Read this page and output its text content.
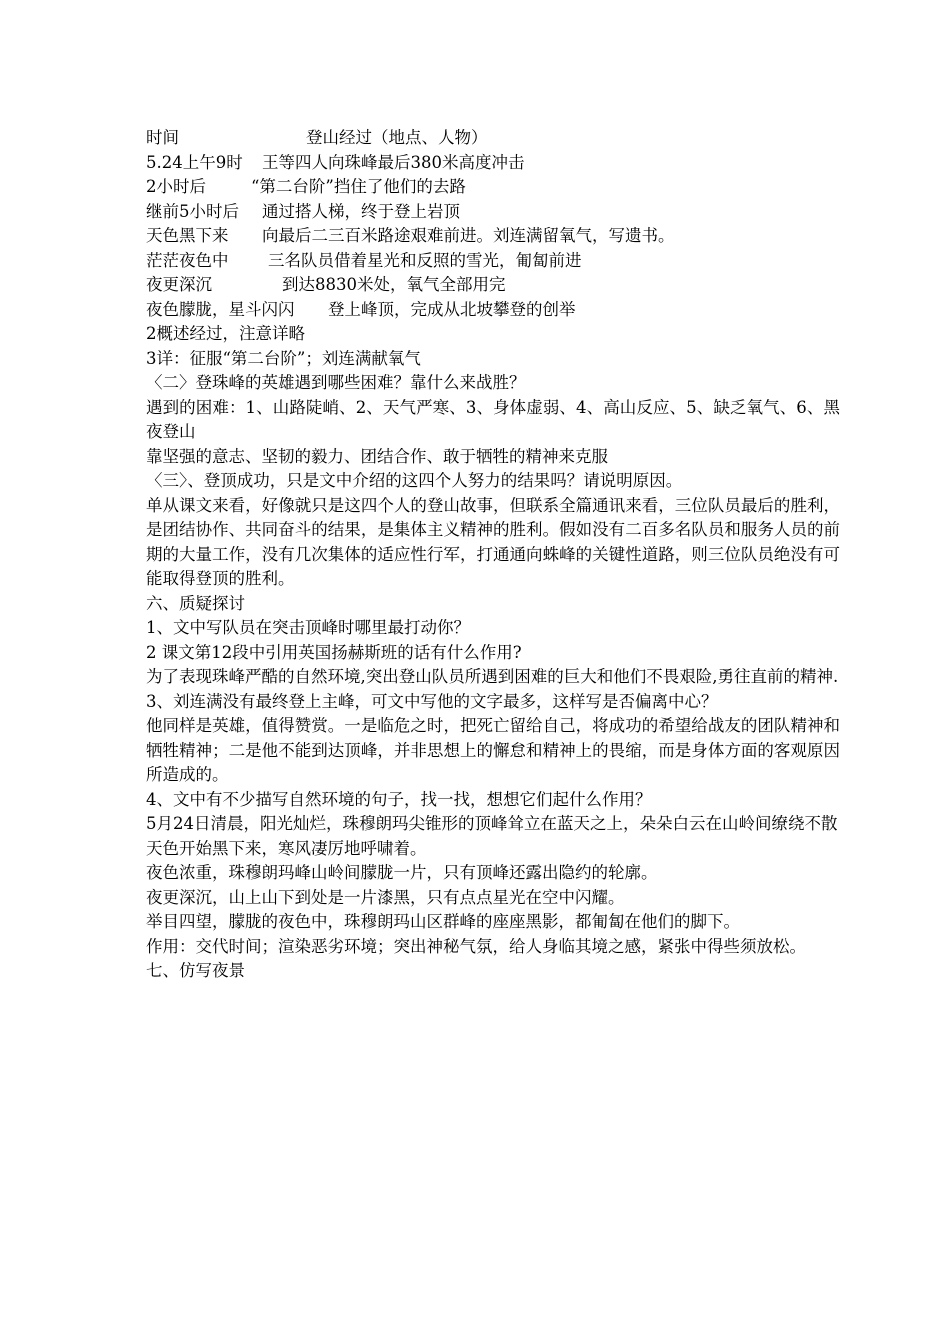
时间	登山经过（地点、人物）
5.24上午9时 王等四人向珠峰最后380米高度冲击
2小时后	“第二台阶”挡住了他们的去路
继前5小时后 通过搭人梯，终于登上岩顶
天色黑下来 向最后二三百米路途艰难前进。刘连满留氧气，写遗书。
茫茫夜色中 三名队员借着星光和反照的雪光，匍匐前进
夜更深沉	到达8830米处，氧气全部用完
夜色朦胧，星斗闪闪 登上峰顶，完成从北坡攀登的创举
2概述经过，注意详略
3详：征服“第二台阶”；刘连满献氧气
〈二〉登珠峰的英雄遇到哪些困难？靠什么来战胜？
遇到的困难：1、山路陡峭、2、天气严寒、3、身体虚弱、4、高山反应、5、缺乏氧气、6、黑夜登山
靠坚强的意志、坚韧的毅力、团结合作、敢于牺牲的精神来克服
〈三〉、登顶成功，只是文中介绍的这四个人努力的结果吗？请说明原因。
单从课文来看，好像就只是这四个人的登山故事，但联系全篇通讯来看，三位队员最后的胜利，是团结协作、共同奋斗的结果，是集体主义精神的胜利。假如没有二百多名队员和服务人员的前期的大量工作，没有几次集体的适应性行军，打通通向蛛峰的关键性道路，则三位队员绝没有可能取得登顶的胜利。
六、质疑探讨
1、文中写队员在突击顶峰时哪里最打动你？
2 课文第12段中引用英国扬赫斯班的话有什么作用?
为了表现珠峰严酷的自然环境,突出登山队员所遇到困难的巨大和他们不畏艰险,勇往直前的精神.
3、刘连满没有最终登上主峰，可文中写他的文字最多，这样写是否偏离中心？
他同样是英雄，值得赞赏。一是临危之时，把死亡留给自己，将成功的希望给战友的团队精神和牺牲精神；二是他不能到达顶峰，并非思想上的懈怠和精神上的畏缩，而是身体方面的客观原因所造成的。
4、文中有不少描写自然环境的句子，找一找，想想它们起什么作用？
5月24日清晨，阳光灿烂，珠穆朗玛尖锥形的顶峰耸立在蓝天之上，朵朵白云在山岭间缭绕不散
天色开始黑下来，寒风凄厉地呼啸着。
夜色浓重，珠穆朗玛峰山岭间朦胧一片，只有顶峰还露出隐约的轮廓。
夜更深沉，山上山下到处是一片漆黑，只有点点星光在空中闪耀。
举目四望，朦胧的夜色中，珠穆朗玛山区群峰的座座黑影，都匍匐在他们的脚下。
作用：交代时间；渲染恶劣环境；突出神秘气氛，给人身临其境之感，紧张中得些须放松。
七、仿写夜景
